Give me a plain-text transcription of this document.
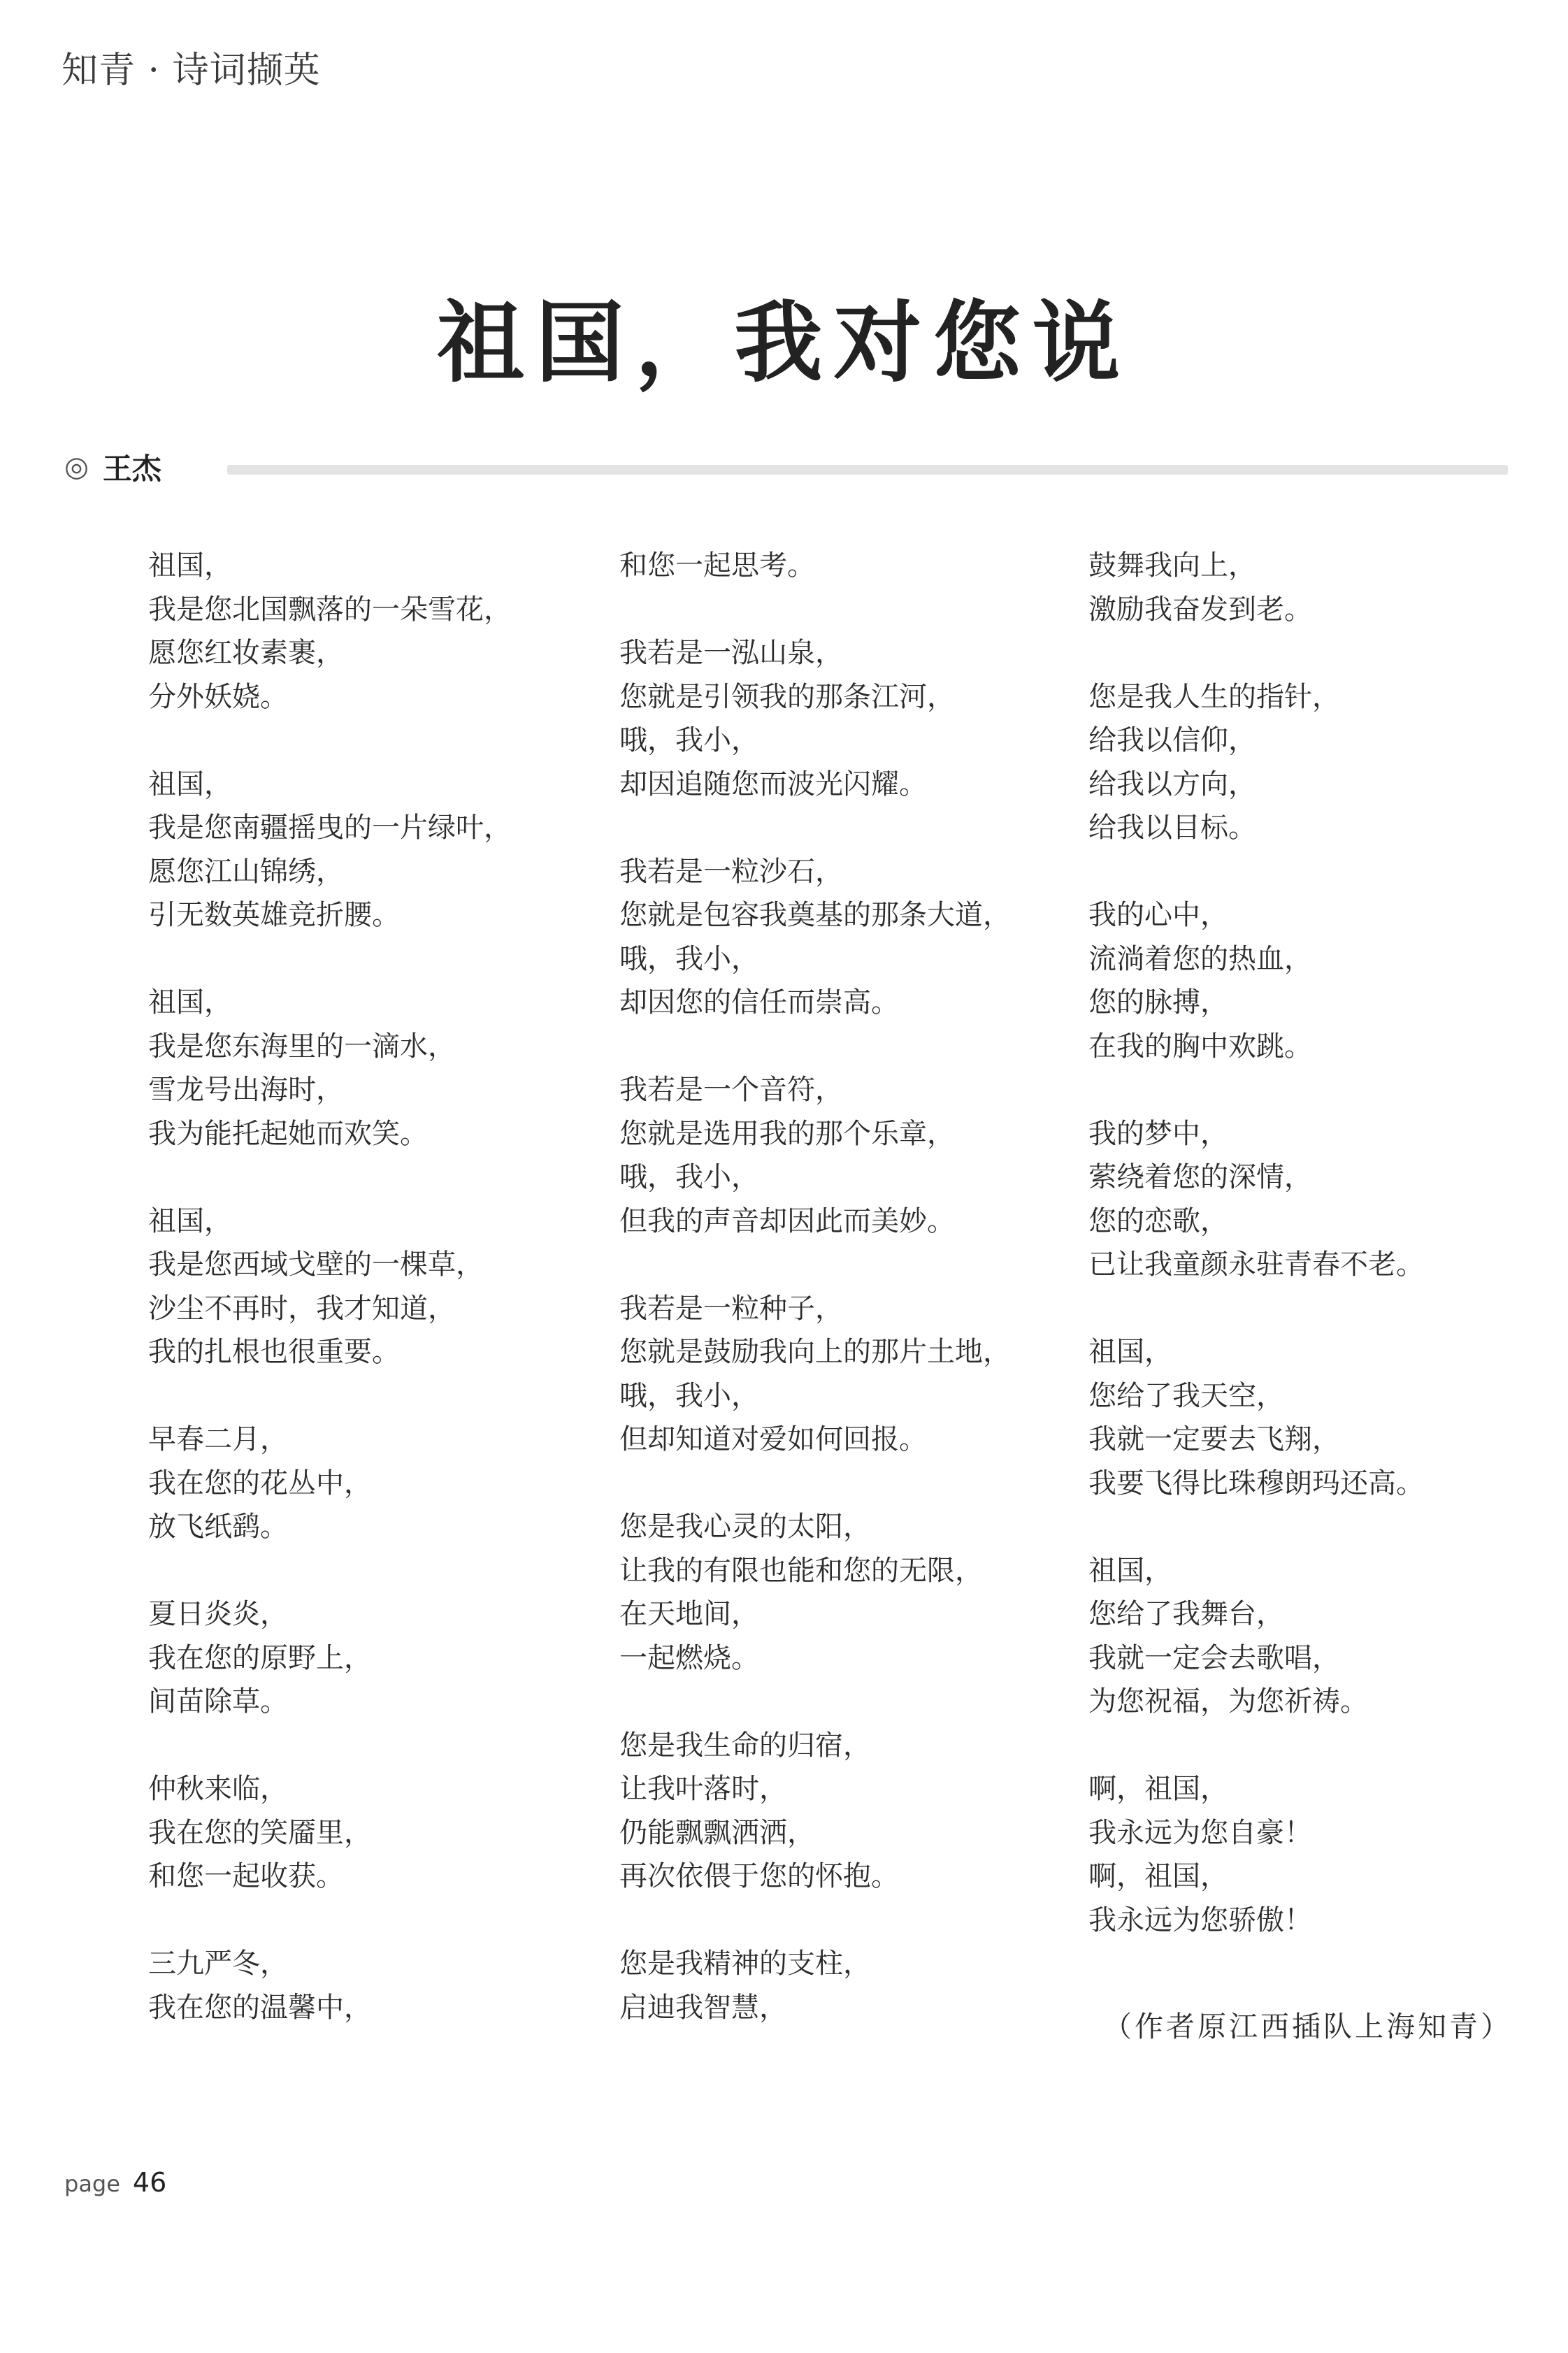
知青 · 诗词撷英
祖国，我对您说
◎ 王杰
祖国，
我是您北国飘落的一朵雪花，
愿您红妆素裹，
分外妖娆。
祖国，
我是您南疆摇曳的一片绿叶，
愿您江山锦绣，
引无数英雄竞折腰。
祖国，
我是您东海里的一滴水，
雪龙号出海时，
我为能托起她而欢笑。
祖国，
我是您西域戈壁的一棵草，
沙尘不再时，我才知道，
我的扎根也很重要。
早春二月，
我在您的花丛中，
放飞纸鹞。
夏日炎炎，
我在您的原野上，
间苗除草。
仲秋来临，
我在您的笑靥里，
和您一起收获。
三九严冬，
我在您的温馨中，
和您一起思考。
我若是一泓山泉，
您就是引领我的那条江河，
哦，我小，
却因追随您而波光闪耀。
我若是一粒沙石，
您就是包容我奠基的那条大道，
哦，我小，
却因您的信任而崇高。
我若是一个音符，
您就是选用我的那个乐章，
哦，我小，
但我的声音却因此而美妙。
我若是一粒种子，
您就是鼓励我向上的那片土地，
哦，我小，
但却知道对爱如何回报。
您是我心灵的太阳，
让我的有限也能和您的无限，
在天地间，
一起燃烧。
您是我生命的归宿，
让我叶落时，
仍能飘飘洒洒，
再次依偎于您的怀抱。
您是我精神的支柱，
启迪我智慧，
鼓舞我向上，
激励我奋发到老。
您是我人生的指针，
给我以信仰，
给我以方向，
给我以目标。
我的心中，
流淌着您的热血，
您的脉搏，
在我的胸中欢跳。
我的梦中，
萦绕着您的深情，
您的恋歌，
已让我童颜永驻青春不老。
祖国，
您给了我天空，
我就一定要去飞翔，
我要飞得比珠穆朗玛还高。
祖国，
您给了我舞台，
我就一定会去歌唱，
为您祝福，为您祈祷。
啊，祖国，
我永远为您自豪！
啊，祖国，
我永远为您骄傲！
（作者原江西插队上海知青）
page 46
